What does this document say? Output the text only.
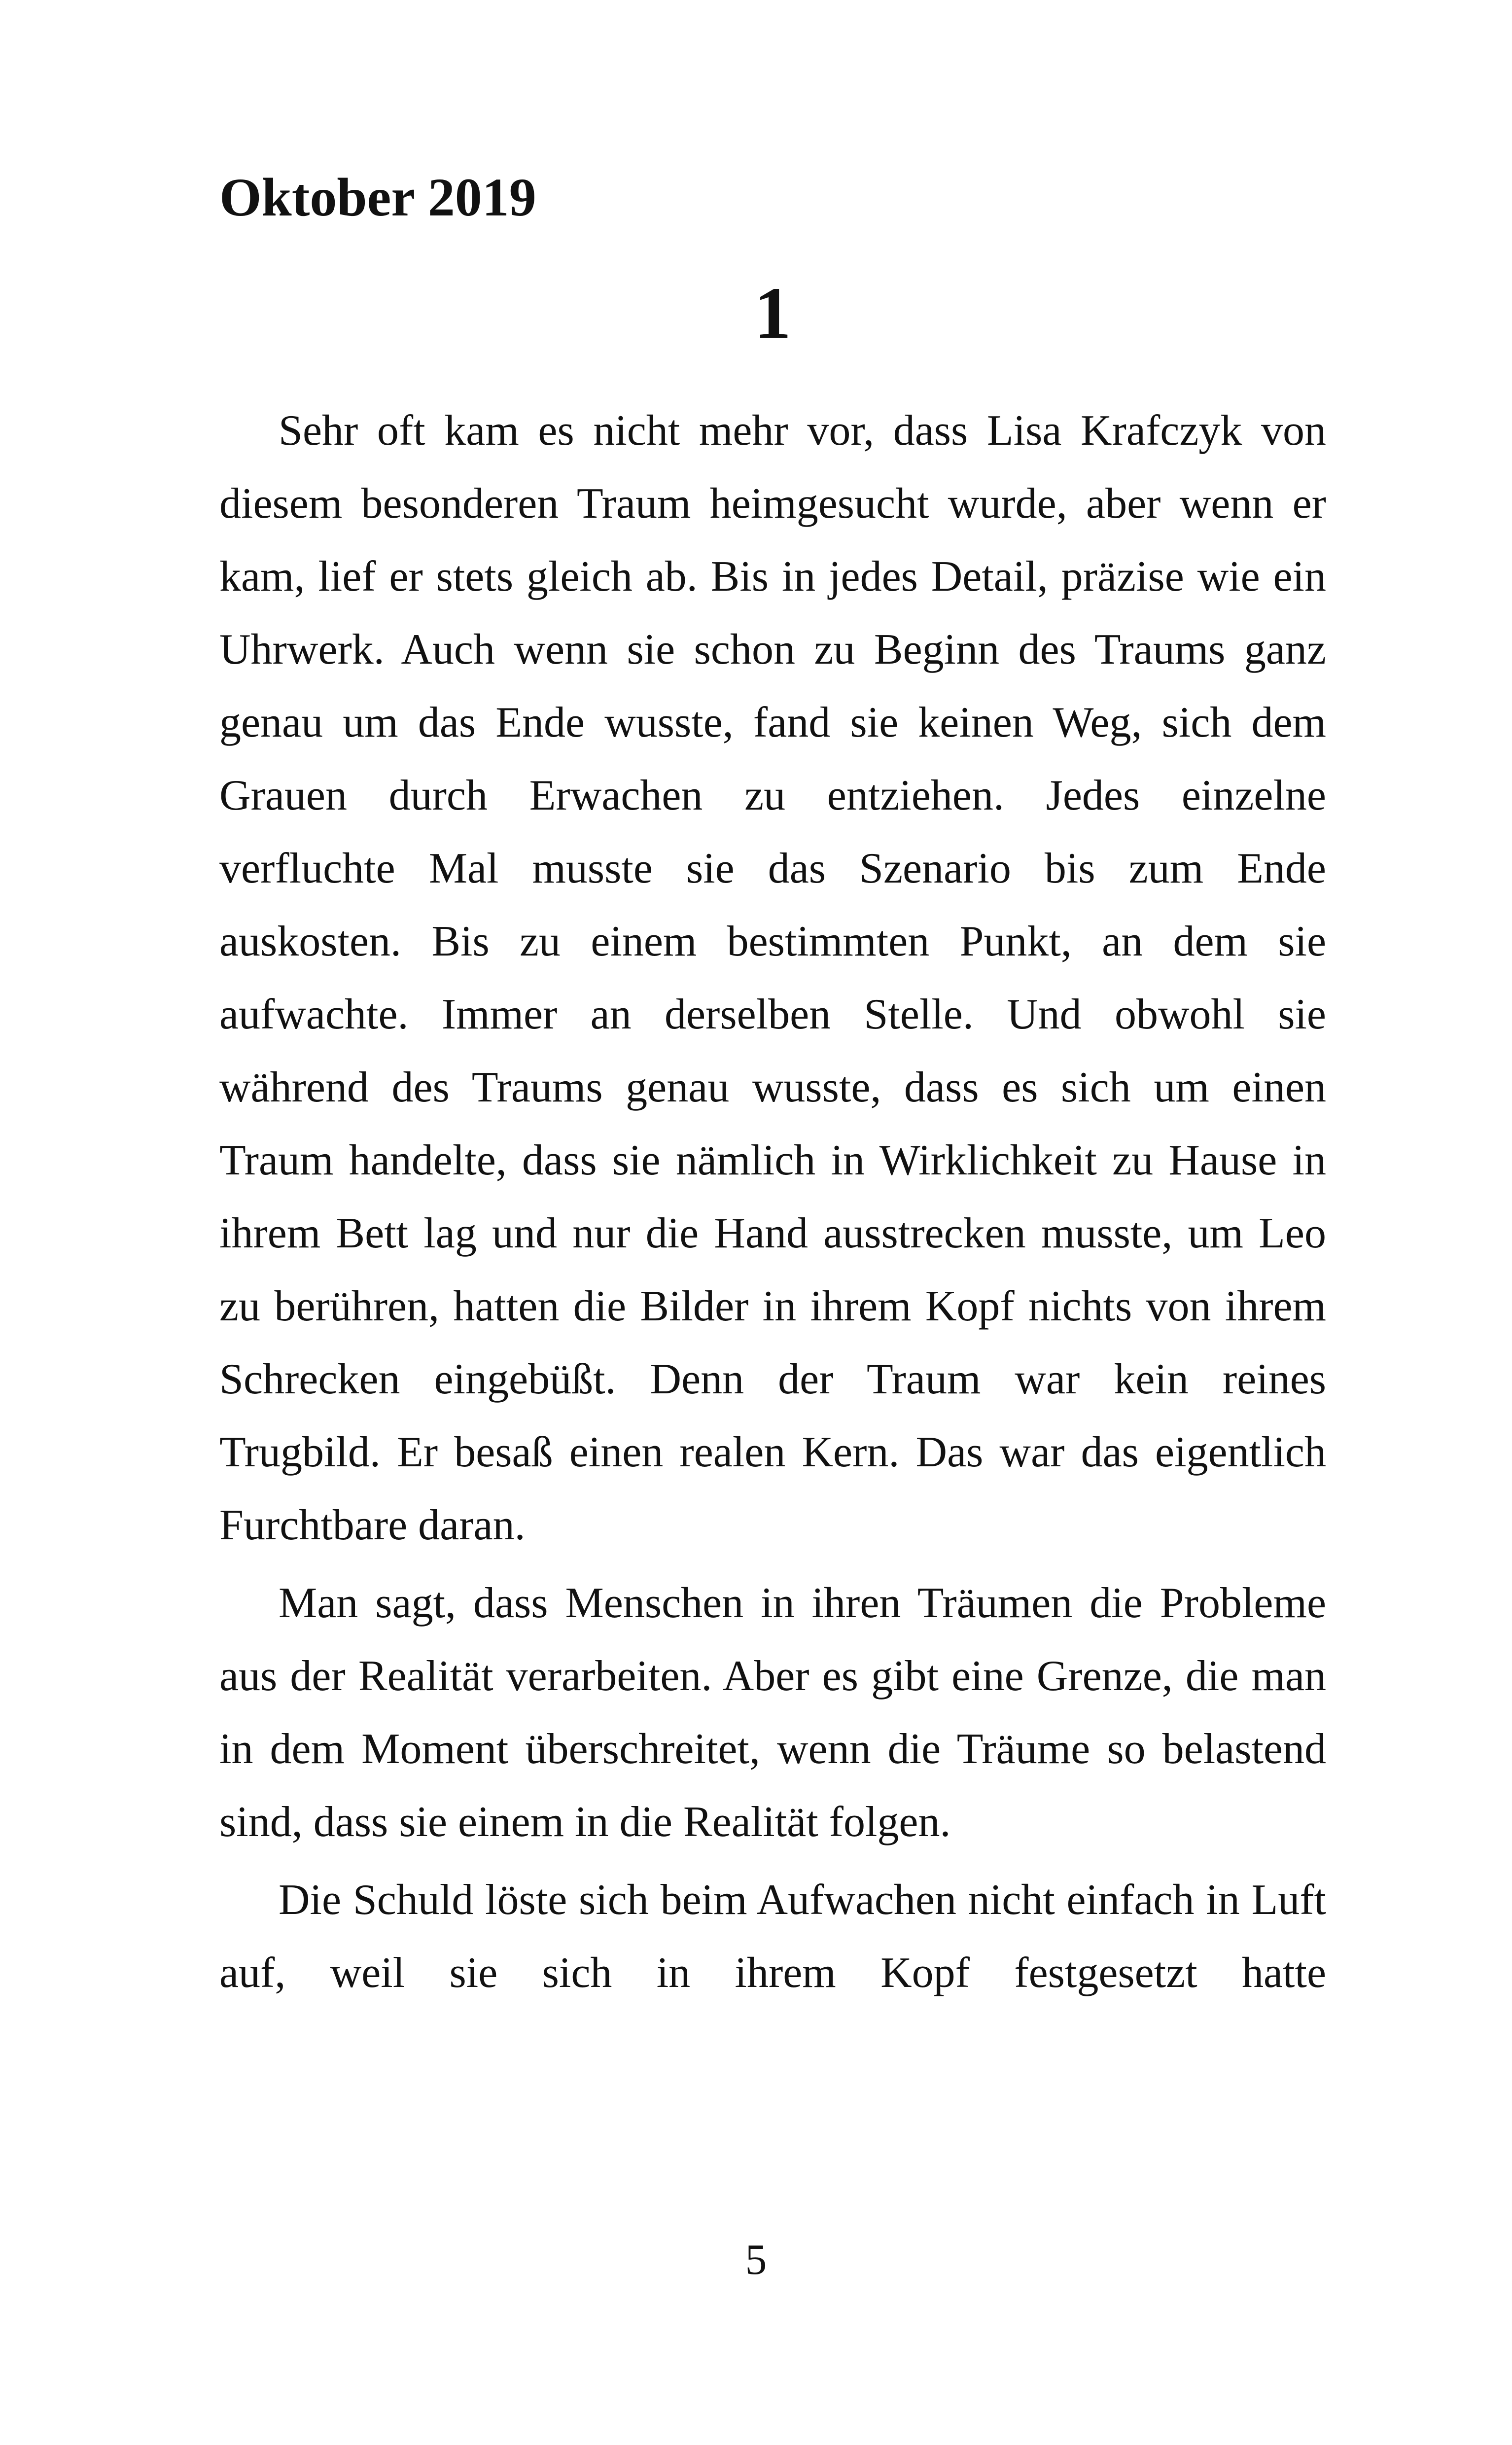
Oktober 2019
1

Sehr oft kam es nicht mehr vor, dass Lisa Krafczyk von diesem besonderen Traum heimgesucht wurde, aber wenn er kam, lief er stets gleich ab. Bis in jedes Detail, präzise wie ein Uhrwerk. Auch wenn sie schon zu Beginn des Traums ganz genau um das Ende wusste, fand sie keinen Weg, sich dem Grauen durch Erwachen zu entziehen. Jedes einzelne verfluchte Mal musste sie das Szenario bis zum Ende auskosten. Bis zu einem bestimmten Punkt, an dem sie aufwachte. Immer an derselben Stelle. Und obwohl sie während des Traums genau wusste, dass es sich um einen Traum handelte, dass sie nämlich in Wirklichkeit zu Hause in ihrem Bett lag und nur die Hand ausstrecken musste, um Leo zu berühren, hatten die Bilder in ihrem Kopf nichts von ihrem Schrecken eingebüßt. Denn der Traum war kein reines Trugbild. Er besaß einen realen Kern. Das war das eigentlich Furchtbare daran.

Man sagt, dass Menschen in ihren Träumen die Probleme aus der Realität verarbeiten. Aber es gibt eine Grenze, die man in dem Moment überschreitet, wenn die Träume so belastend sind, dass sie einem in die Realität folgen.

Die Schuld löste sich beim Aufwachen nicht einfach in Luft auf, weil sie sich in ihrem Kopf festgesetzt hatte

5
